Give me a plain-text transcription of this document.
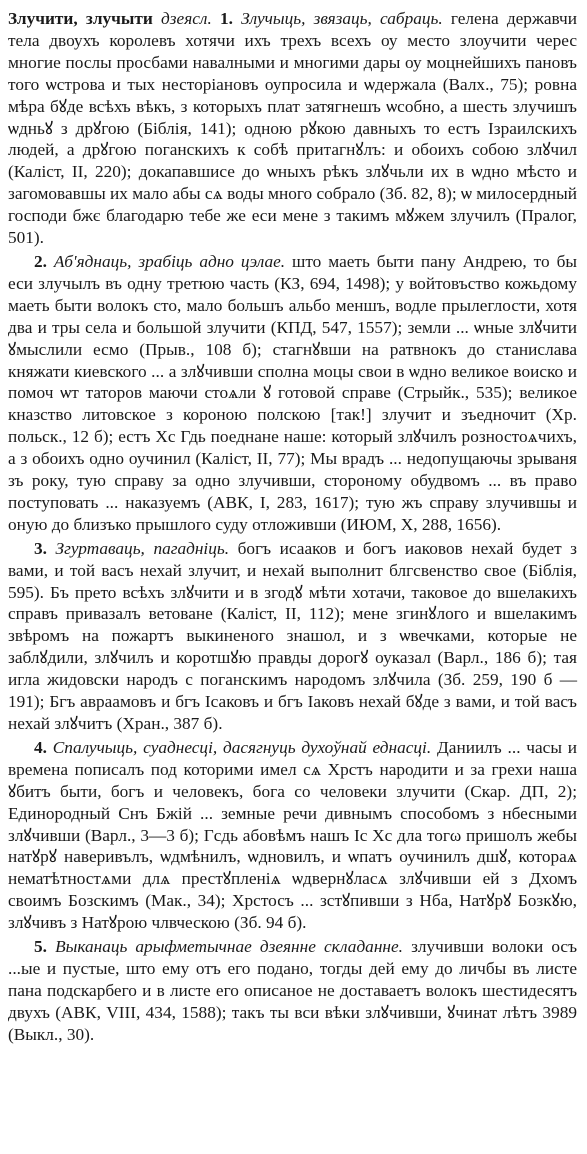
Злучити, злучыти дзеясл. 1. Злучыць, звязаць, сабраць. гелена державчи тела двоухъ королевъ хотячи ихъ трехъ всехъ оу место злоучити черес многие послы просбами навалными и многими дары оу моцнейшихъ пановъ того ѡстрова и тых несторіановъ оупросила и ѡдержала (Валх., 75); ровна мѣра бꙋде всѣхъ вѣкъ, з которыхъ плат затягнешъ ѡсобно, а шесть злучишъ ѡдньꙋ з дрꙋгою (Біблія, 141); одною рꙋкою давныхъ то естъ Ізраилскихъ людей, а дрꙋгою поганскихъ к собѣ притагнꙋлъ: и обоихъ собою злꙋчил (Каліст, II, 220); докапавшисе до ѡныхъ рѣкъ злꙋчьли их в ѡдно мѣсто и загомовавшы их мало абы сѧ воды много собрало (Зб. 82, 8); ѡ милосердный господи бжє благодарю тебе же еси мене з такимъ мꙋжем злучилъ (Пралог, 501).

2. Аб'яднаць, зрабіць адно цэлае. што маеть быти пану Андрею, то бы еси злучылъ въ одну третюю часть (КЗ, 694, 1498); у войтовъство кожьдому маеть быти волокъ сто, мало большъ альбо меншъ, водле прылеглости, хотя два и тры села и большой злучити (КПД, 547, 1557); земли ... ѡные злꙋчити ꙋмыслили есмо (Прыв., 108 б); стагнꙋвши на ратвнокъ до станислава княжати киевского ... а злꙋчивши сполна моцы свои в ѡдно великое воиско и помоч ѡт таторов маючи стоѧли ꙋ готовой справе (Стрыйк., 535); великое кназство литовское з короною полскою [так!] злучит и зъедночит (Хр. польск., 12 б); естъ Хс Гдь поеднане наше: который злꙋчилъ розностоѧчихъ, а з обоихъ одно оучинил (Каліст, II, 77); Мы врадъ ... недопущаючы зрываня зъ року, тую справу за одно злучивши, стороному обудвомъ ... въ право поступовать ... наказуемъ (АВК, I, 283, 1617); тую жъ справу злучившы и оную до близъко прышлого суду отложивши (ИЮМ, X, 288, 1656).

3. Згуртаваць, пагадніць. богъ исааков и богъ иаковов нехай будет з вами, и той васъ нехай злучит, и нехай выполнит блгсвенство свое (Біблія, 595). Бъ прето всѣхъ злꙋчити и в згодꙋ мѣти хотачи, таковое до вшелакихъ справъ привазалъ ветоване (Каліст, II, 112); мене згинꙋлого и вшелакимъ звѣромъ на пожартъ выкиненого знашол, и з ѡвечками, которые не заблꙋдили, злꙋчилъ и коротшꙋю правды дорогꙋ оуказал (Варл., 186 б); тая игла жидовски народъ с поганскимъ народомъ злꙋчила (Зб. 259, 190 б — 191); Бгъ авраамовъ и бгъ Ісаковъ и бгъ Іаковъ нехай бꙋде з вами, и той васъ нехай злꙋчитъ (Хран., 387 б).

4. Спалучыць, суаднесці, дасягнуць духоўнай еднасці. Даниилъ ... часы и времена пописалъ под которими имел сѧ Хрстъ народити и за грехи наша ꙋбитъ быти, богъ и человекъ, бога со человеки злучити (Скар. ДП, 2); Единородный Снъ Бжій ... земные речи дивнымъ способомъ з нбесными злꙋчивши (Варл., 3—3 б); Гсдь абовѣмъ нашъ Іс Хс дла тогω пришолъ жебы натꙋрꙋ наверивълъ, ѡдмѣнилъ, ѡдновилъ, и ѡпатъ оучинилъ дшꙋ, котораѧ нематѣтностѧми длѧ престꙋпленіѧ ѡдвернꙋласѧ злꙋчивши ей з Дхомъ своимъ Бозскимъ (Мак., 34); Хрстосъ ... зстꙋпивши з Нба, Натꙋрꙋ Бозкꙋю, злꙋчивъ з Натꙋрою члвческою (Зб. 94 б).

5. Выканаць арыфметычнае дзеянне складанне. злучивши волоки осъ ...ые и пустые, што ему отъ его подано, тогды дей ему до личбы въ листе пана подскарбего и в листе его описаное не доставаетъ волокъ шестидесятъ двухъ (АВК, VIII, 434, 1588); такъ ты вси вѣки злꙋчивши, ꙋчинат лѣтъ 3989 (Выкл., 30).
